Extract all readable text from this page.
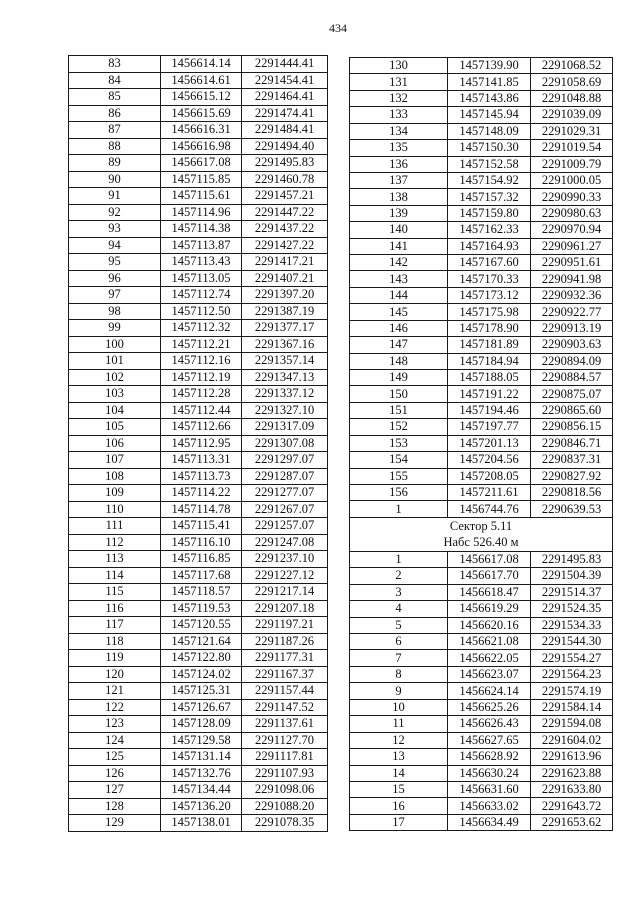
434
83	1456614.14	2291444.41
84	1456614.61	2291454.41
85	1456615.12	2291464.41
86	1456615.69	2291474.41
87	1456616.31	2291484.41
88	1456616.98	2291494.40
89	1456617.08	2291495.83
90	1457115.85	2291460.78
91	1457115.61	2291457.21
92	1457114.96	2291447.22
93	1457114.38	2291437.22
94	1457113.87	2291427.22
95	1457113.43	2291417.21
96	1457113.05	2291407.21
97	1457112.74	2291397.20
98	1457112.50	2291387.19
99	1457112.32	2291377.17
100	1457112.21	2291367.16
101	1457112.16	2291357.14
102	1457112.19	2291347.13
103	1457112.28	2291337.12
104	1457112.44	2291327.10
105	1457112.66	2291317.09
106	1457112.95	2291307.08
107	1457113.31	2291297.07
108	1457113.73	2291287.07
109	1457114.22	2291277.07
110	1457114.78	2291267.07
111	1457115.41	2291257.07
112	1457116.10	2291247.08
113	1457116.85	2291237.10
114	1457117.68	2291227.12
115	1457118.57	2291217.14
116	1457119.53	2291207.18
117	1457120.55	2291197.21
118	1457121.64	2291187.26
119	1457122.80	2291177.31
120	1457124.02	2291167.37
121	1457125.31	2291157.44
122	1457126.67	2291147.52
123	1457128.09	2291137.61
124	1457129.58	2291127.70
125	1457131.14	2291117.81
126	1457132.76	2291107.93
127	1457134.44	2291098.06
128	1457136.20	2291088.20
129	1457138.01	2291078.35
130	1457139.90	2291068.52
131	1457141.85	2291058.69
132	1457143.86	2291048.88
133	1457145.94	2291039.09
134	1457148.09	2291029.31
135	1457150.30	2291019.54
136	1457152.58	2291009.79
137	1457154.92	2291000.05
138	1457157.32	2290990.33
139	1457159.80	2290980.63
140	1457162.33	2290970.94
141	1457164.93	2290961.27
142	1457167.60	2290951.61
143	1457170.33	2290941.98
144	1457173.12	2290932.36
145	1457175.98	2290922.77
146	1457178.90	2290913.19
147	1457181.89	2290903.63
148	1457184.94	2290894.09
149	1457188.05	2290884.57
150	1457191.22	2290875.07
151	1457194.46	2290865.60
152	1457197.77	2290856.15
153	1457201.13	2290846.71
154	1457204.56	2290837.31
155	1457208.05	2290827.92
156	1457211.61	2290818.56
1	1456744.76	2290639.53

Сектор 5.11
Набс 526.40 м		

1	1456617.08	2291495.83
2	1456617.70	2291504.39
3	1456618.47	2291514.37
4	1456619.29	2291524.35
5	1456620.16	2291534.33
6	1456621.08	2291544.30
7	1456622.05	2291554.27
8	1456623.07	2291564.23
9	1456624.14	2291574.19
10	1456625.26	2291584.14
11	1456626.43	2291594.08
12	1456627.65	2291604.02
13	1456628.92	2291613.96
14	1456630.24	2291623.88
15	1456631.60	2291633.80
16	1456633.02	2291643.72
17	1456634.49	2291653.62
